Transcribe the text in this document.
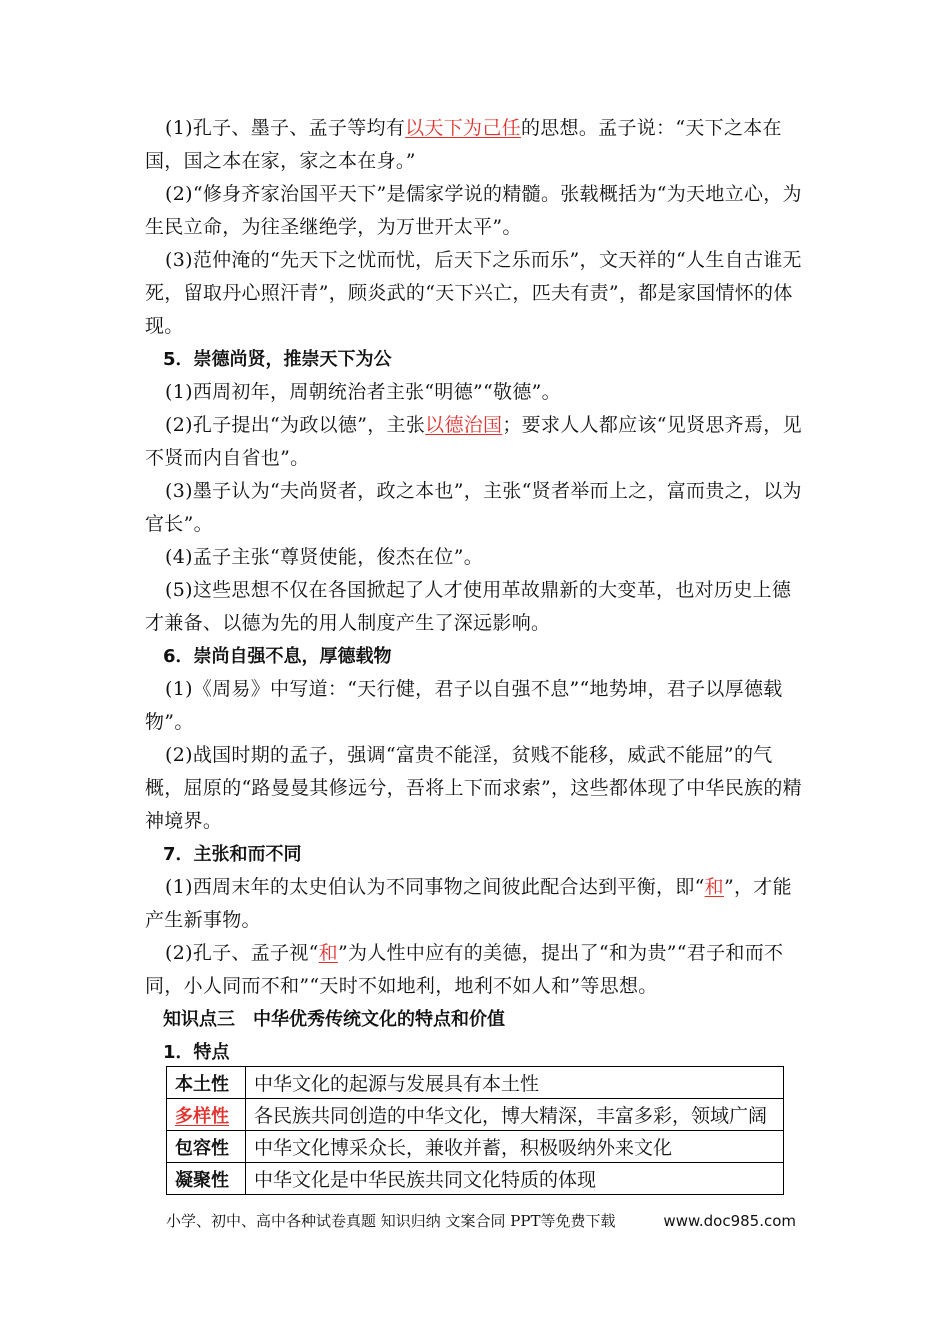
(1)孔子、墨子、孟子等均有以天下为己任的思想。孟子说：“天下之本在国，国之本在家，家之本在身。”

(2)“修身齐家治国平天下”是儒家学说的精髓。张载概括为“为天地立心，为生民立命，为往圣继绝学，为万世开太平”。

(3)范仲淹的“先天下之忧而忧，后天下之乐而乐”，文天祥的“人生自古谁无死，留取丹心照汗青”，顾炎武的“天下兴亡，匹夫有责”，都是家国情怀的体现。

5．崇德尚贤，推崇天下为公

(1)西周初年，周朝统治者主张“明德”“敬德”。

(2)孔子提出“为政以德”，主张以德治国；要求人人都应该“见贤思齐焉，见不贤而内自省也”。

(3)墨子认为“夫尚贤者，政之本也”，主张“贤者举而上之，富而贵之，以为官长”。

(4)孟子主张“尊贤使能，俊杰在位”。

(5)这些思想不仅在各国掀起了人才使用革故鼎新的大变革，也对历史上德才兼备、以德为先的用人制度产生了深远影响。

6．崇尚自强不息，厚德载物

(1)《周易》中写道：“天行健，君子以自强不息”“地势坤，君子以厚德载物”。

(2)战国时期的孟子，强调“富贵不能淫，贫贱不能移，威武不能屈”的气概，屈原的“路曼曼其修远兮，吾将上下而求索”，这些都体现了中华民族的精神境界。

7．主张和而不同

(1)西周末年的太史伯认为不同事物之间彼此配合达到平衡，即“和”，才能产生新事物。

(2)孔子、孟子视“和”为人性中应有的美德，提出了“和为贵”“君子和而不同，小人同而不和”“天时不如地利，地利不如人和”等思想。

知识点三　中华优秀传统文化的特点和价值

1．特点

本土性	中华文化的起源与发展具有本土性
多样性	各民族共同创造的中华文化，博大精深，丰富多彩，领域广阔
包容性	中华文化博采众长，兼收并蓄，积极吸纳外来文化
凝聚性	中华文化是中华民族共同文化特质的体现
小学、初中、高中各种试卷真题 知识归纳 文案合同 PPT等免费下载	www.doc985.com
